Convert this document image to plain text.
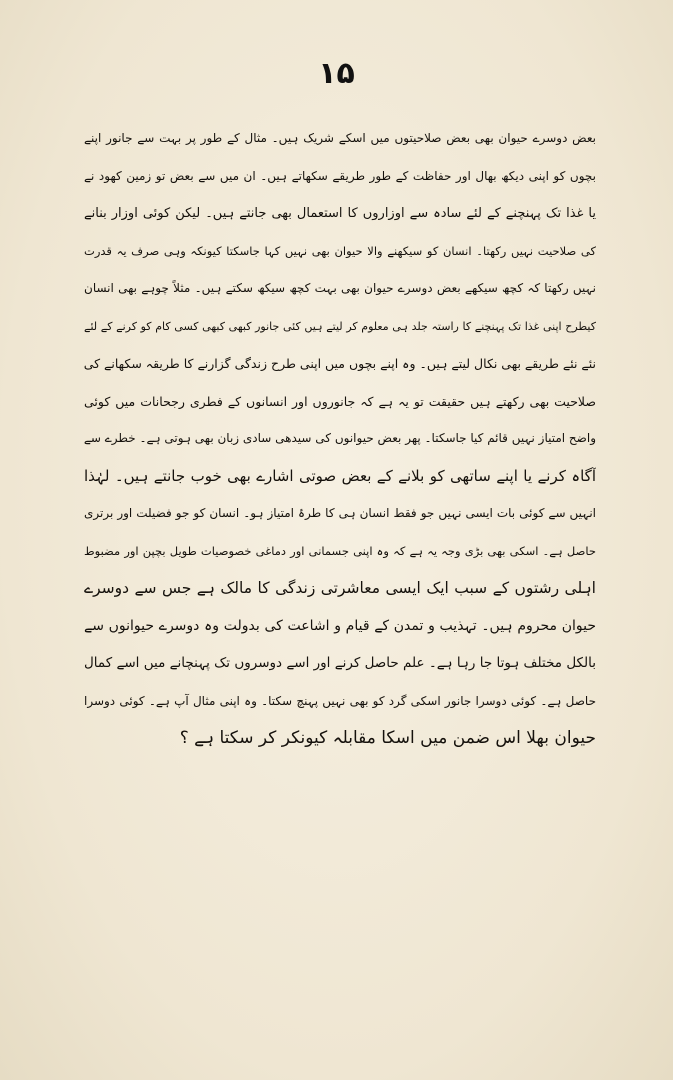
۱۵
بعض دوسرے حیوان بھی بعض صلاحیتوں میں اسکے شریک ہیں۔ مثال کے طور پر بہت سے جانور اپنے
بچوں کو اپنی دیکھ بھال اور حفاظت کے طور طریقے سکھاتے ہیں۔ ان میں سے بعض تو زمین کھود نے
یا غذا تک پہنچنے کے لئے سادہ سے اوزاروں کا استعمال بھی جانتے ہیں۔ لیکن کوئی اوزار بنانے
کی صلاحیت نہیں رکھتا۔ انسان کو سیکھنے والا حیوان بھی نہیں کہا جاسکتا کیونکہ وہی صرف یہ قدرت
نہیں رکھتا کہ کچھ سیکھے بعض دوسرے حیوان بھی بہت کچھ سیکھ سکتے ہیں۔ مثلاً چوہے بھی انسان
کیطرح اپنی غذا تک پہنچنے کا راستہ جلد ہی معلوم کر لیتے ہیں کئی جانور کبھی کبھی کسی کام کو کرنے کے لئے
نئے نئے طریقے بھی نکال لیتے ہیں۔ وہ اپنے بچوں میں اپنی طرح زندگی گزارنے کا طریقہ سکھانے کی
صلاحیت بھی رکھتے ہیں حقیقت تو یہ ہے کہ جانوروں اور انسانوں کے فطری رجحانات میں کوئی
واضح امتیاز نہیں قائم کیا جاسکتا۔ پھر بعض حیوانوں کی سیدھی سادی زبان بھی ہوتی ہے۔ خطرے سے
آگاہ کرنے یا اپنے ساتھی کو بلانے کے بعض صوتی اشارے بھی خوب جانتے ہیں۔ لہٰذا
انہیں سے کوئی بات ایسی نہیں جو فقط انسان ہی کا طرۂ امتیاز ہو۔ انسان کو جو فضیلت اور برتری
حاصل ہے۔ اسکی بھی بڑی وجہ یہ ہے کہ وہ اپنی جسمانی اور دماغی خصوصیات طویل بچپن اور مضبوط
اہلی رشتوں کے سبب ایک ایسی معاشرتی زندگی کا مالک ہے جس سے دوسرے
حیوان محروم ہیں۔ تہذیب و تمدن کے قیام و اشاعت کی بدولت وہ دوسرے حیوانوں سے
بالکل مختلف ہوتا جا رہا ہے۔ علم حاصل کرنے اور اسے دوسروں تک پہنچانے میں اسے کمال
حاصل ہے۔ کوئی دوسرا جانور اسکی گرد کو بھی نہیں پہنچ سکتا۔ وہ اپنی مثال آپ ہے۔ کوئی دوسرا
حیوان بھلا اس ضمن میں اسکا مقابلہ کیونکر کر سکتا ہے ؟
